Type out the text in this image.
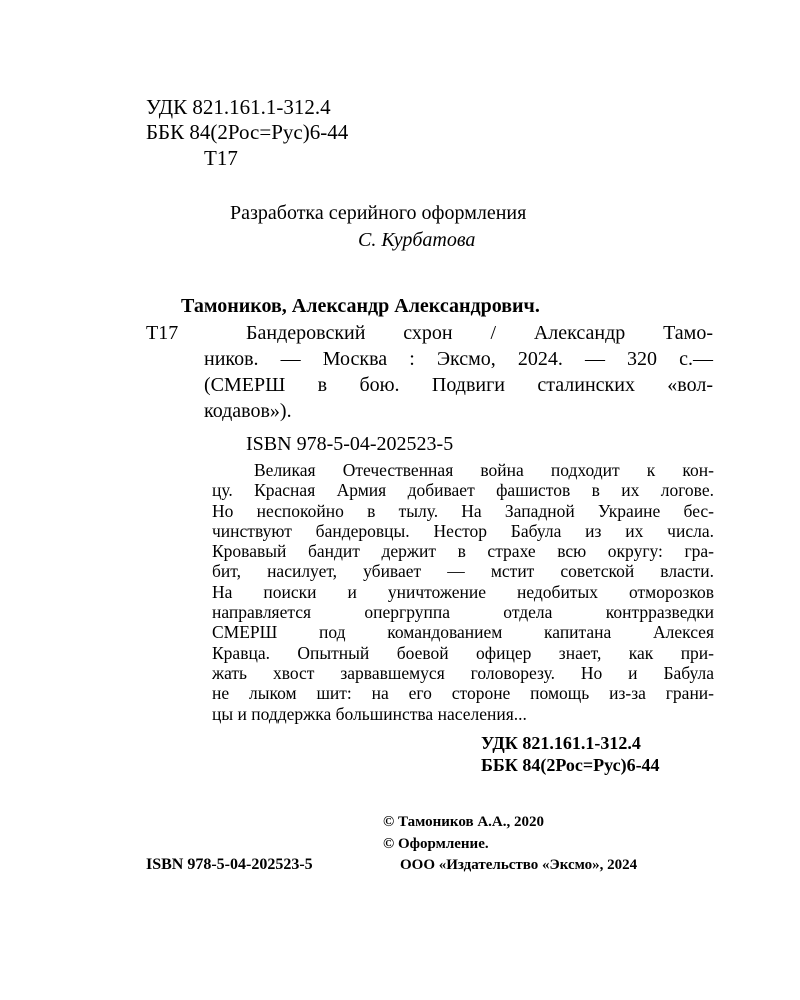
УДК 821.161.1-312.4
ББК 84(2Рос=Рус)6-44
Т17
Разработка серийного оформления
С. Курбатова
Тамоников, Александр Александрович.
Т17	Бандеровский схрон / Александр Тамо-
ников. — Москва : Эксмо, 2024. — 320 с.—
(СМЕРШ в бою. Подвиги сталинских «вол-
кодавов»).
ISBN 978-5-04-202523-5
Великая Отечественная война подходит к кон-
цу. Красная Армия добивает фашистов в их логове.
Но неспокойно в тылу. На Западной Украине бес-
чинствуют бандеровцы. Нестор Бабула из их числа.
Кровавый бандит держит в страхе всю округу: гра-
бит, насилует, убивает — мстит советской власти.
На поиски и уничтожение недобитых отморозков
направляется опергруппа отдела контрразведки
СМЕРШ под командованием капитана Алексея
Кравца. Опытный боевой офицер знает, как при-
жать хвост зарвавшемуся головорезу. Но и Бабула
не лыком шит: на его стороне помощь из-за грани-
цы и поддержка большинства населения...
УДК 821.161.1-312.4
ББК 84(2Рос=Рус)6-44
© Тамоников А.А., 2020
© Оформление.
ООО «Издательство «Эксмо», 2024
ISBN 978-5-04-202523-5
